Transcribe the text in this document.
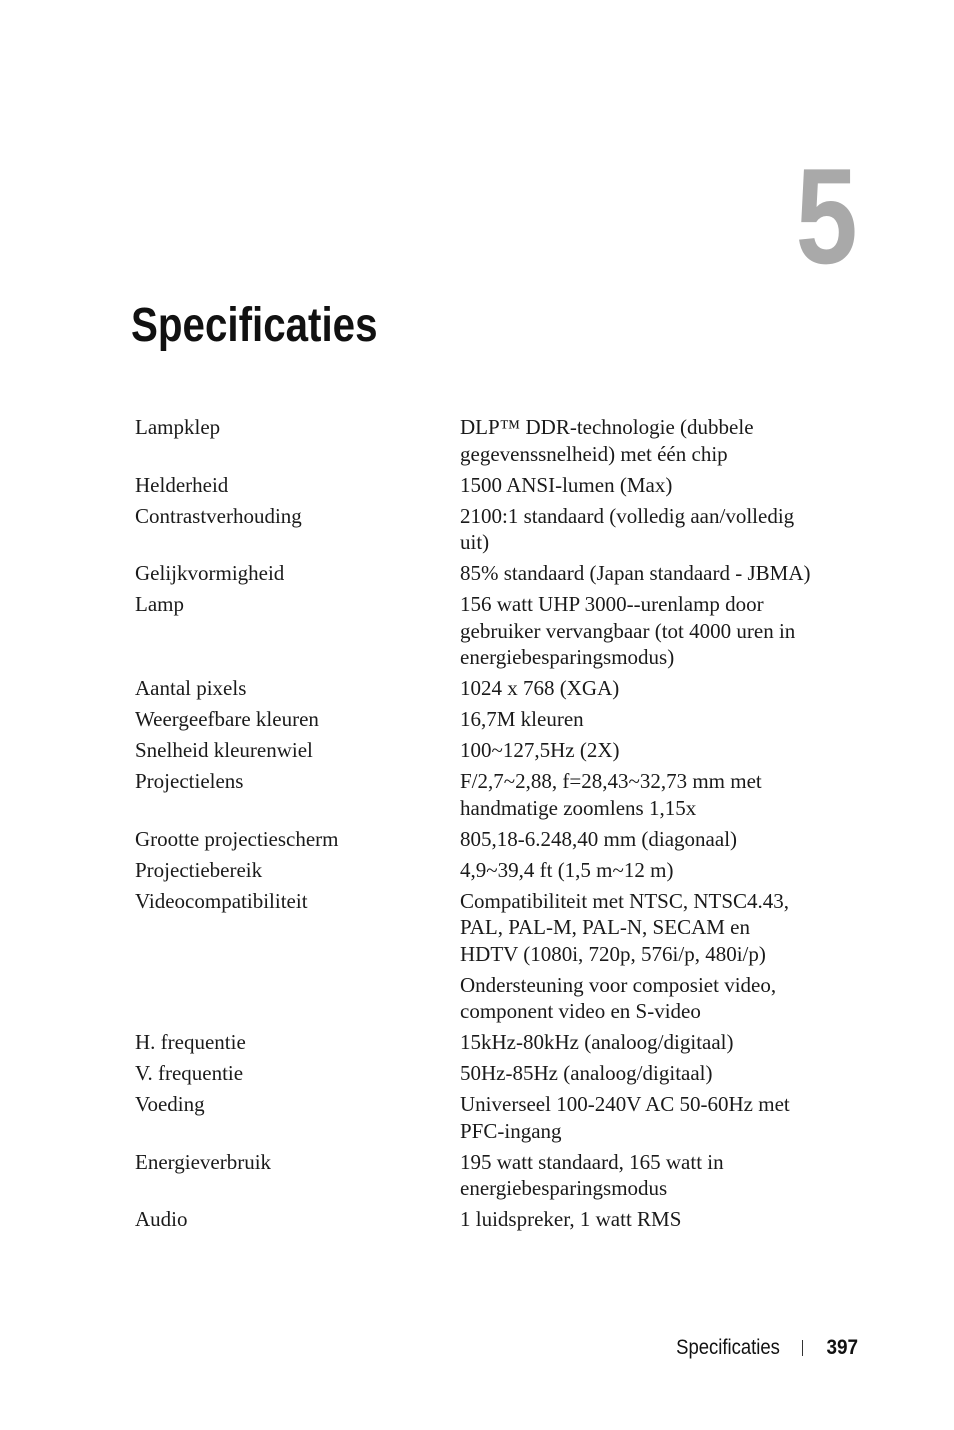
5
Specificaties
Lampklep	DLP™ DDR-technologie (dubbele gegevenssnelheid) met één chip
Helderheid	1500 ANSI-lumen (Max)
Contrastverhouding	2100:1 standaard (volledig aan/volledig uit)
Gelijkvormigheid	85% standaard (Japan standaard - JBMA)
Lamp	156 watt UHP 3000--urenlamp door gebruiker vervangbaar (tot 4000 uren in energiebesparingsmodus)
Aantal pixels	1024 x 768 (XGA)
Weergeefbare kleuren	16,7M kleuren
Snelheid kleurenwiel	100~127,5Hz (2X)
Projectielens	F/2,7~2,88, f=28,43~32,73 mm met handmatige zoomlens 1,15x
Grootte projectiescherm	805,18-6.248,40 mm (diagonaal)
Projectiebereik	4,9~39,4 ft (1,5 m~12 m)
Videocompatibiliteit	Compatibiliteit met NTSC, NTSC4.43, PAL, PAL-M, PAL-N, SECAM en HDTV (1080i, 720p, 576i/p, 480i/p)
Ondersteuning voor composiet video, component video en S-video
H. frequentie	15kHz-80kHz (analoog/digitaal)
V. frequentie	50Hz-85Hz (analoog/digitaal)
Voeding	Universeel 100-240V AC 50-60Hz met PFC-ingang
Energieverbruik	195 watt standaard, 165 watt in energiebesparingsmodus
Audio	1 luidspreker, 1 watt RMS
Specificaties 397
